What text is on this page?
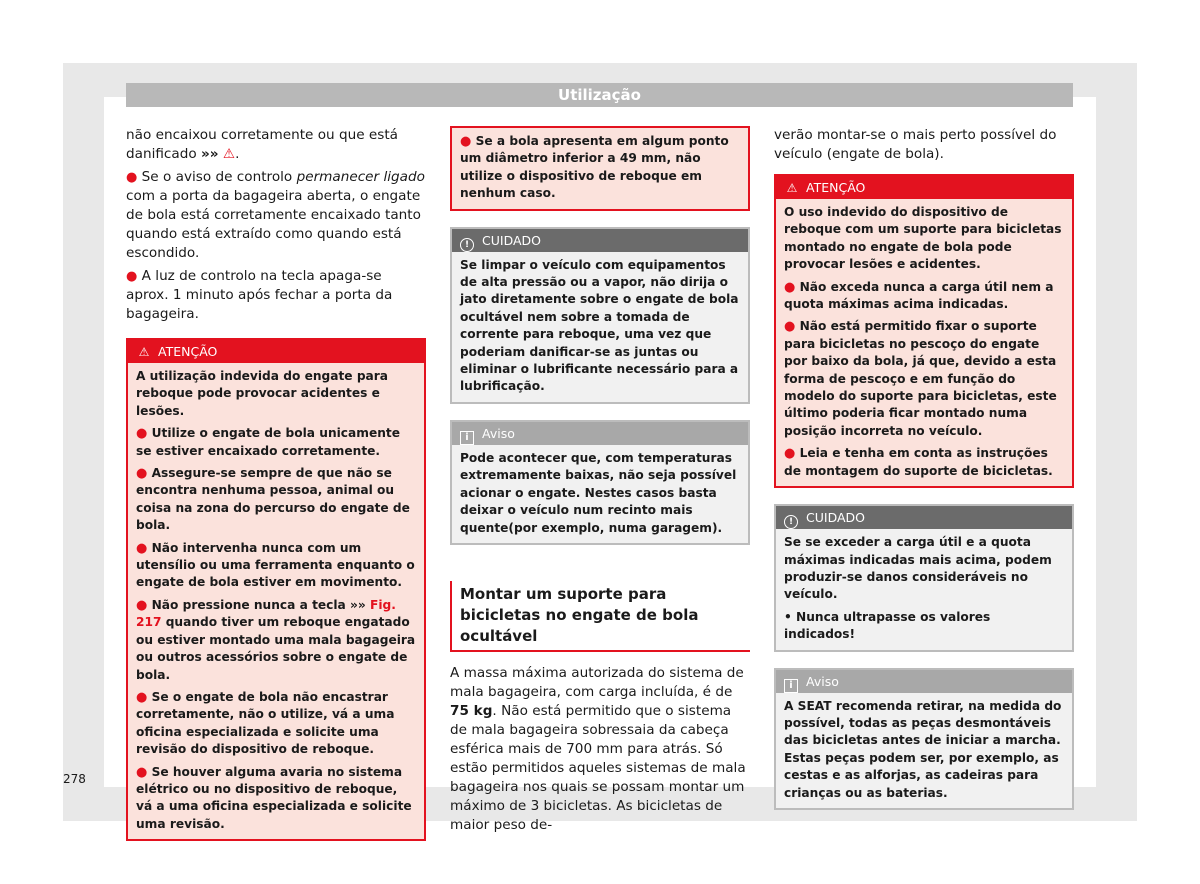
Utilização

não encaixou corretamente ou que está danificado »» ⚠.

● Se o aviso de controlo permanecer ligado com a porta da bagageira aberta, o engate de bola está corretamente encaixado tanto quando está extraído como quando está escondido.

● A luz de controlo na tecla apaga-se aprox. 1 minuto após fechar a porta da bagageira.

⚠ ATENÇÃO

A utilização indevida do engate para reboque pode provocar acidentes e lesões.

● Utilize o engate de bola unicamente se estiver encaixado corretamente.

● Assegure-se sempre de que não se encontra nenhuma pessoa, animal ou coisa na zona do percurso do engate de bola.

● Não intervenha nunca com um utensílio ou uma ferramenta enquanto o engate de bola estiver em movimento.

● Não pressione nunca a tecla »» Fig. 217 quando tiver um reboque engatado ou estiver montado uma mala bagageira ou outros acessórios sobre o engate de bola.

● Se o engate de bola não encastrar corretamente, não o utilize, vá a uma oficina especializada e solicite uma revisão do dispositivo de reboque.

● Se houver alguma avaria no sistema elétrico ou no dispositivo de reboque, vá a uma oficina especializada e solicite uma revisão.

● Se a bola apresenta em algum ponto um diâmetro inferior a 49 mm, não utilize o dispositivo de reboque em nenhum caso.

! CUIDADO

Se limpar o veículo com equipamentos de alta pressão ou a vapor, não dirija o jato diretamente sobre o engate de bola ocultável nem sobre a tomada de corrente para reboque, uma vez que poderiam danificar-se as juntas ou eliminar o lubrificante necessário para a lubrificação.

i Aviso

Pode acontecer que, com temperaturas extremamente baixas, não seja possível acionar o engate. Nestes casos basta deixar o veículo num recinto mais quente(por exemplo, numa garagem).

Montar um suporte para bicicletas no engate de bola ocultável

A massa máxima autorizada do sistema de mala bagageira, com carga incluída, é de 75 kg. Não está permitido que o sistema de mala bagageira sobressaia da cabeça esférica mais de 700 mm para atrás. Só estão permitidos aqueles sistemas de mala bagageira nos quais se possam montar um máximo de 3 bicicletas. As bicicletas de maior peso de-

verão montar-se o mais perto possível do veículo (engate de bola).

⚠ ATENÇÃO

O uso indevido do dispositivo de reboque com um suporte para bicicletas montado no engate de bola pode provocar lesões e acidentes.

● Não exceda nunca a carga útil nem a quota máximas acima indicadas.

● Não está permitido fixar o suporte para bicicletas no pescoço do engate por baixo da bola, já que, devido a esta forma de pescoço e em função do modelo do suporte para bicicletas, este último poderia ficar montado numa posição incorreta no veículo.

● Leia e tenha em conta as instruções de montagem do suporte de bicicletas.

! CUIDADO

Se se exceder a carga útil e a quota máximas indicadas mais acima, podem produzir-se danos consideráveis no veículo.

• Nunca ultrapasse os valores indicados!

i Aviso

A SEAT recomenda retirar, na medida do possível, todas as peças desmontáveis das bicicletas antes de iniciar a marcha. Estas peças podem ser, por exemplo, as cestas e as alforjas, as cadeiras para crianças ou as baterias.

278
